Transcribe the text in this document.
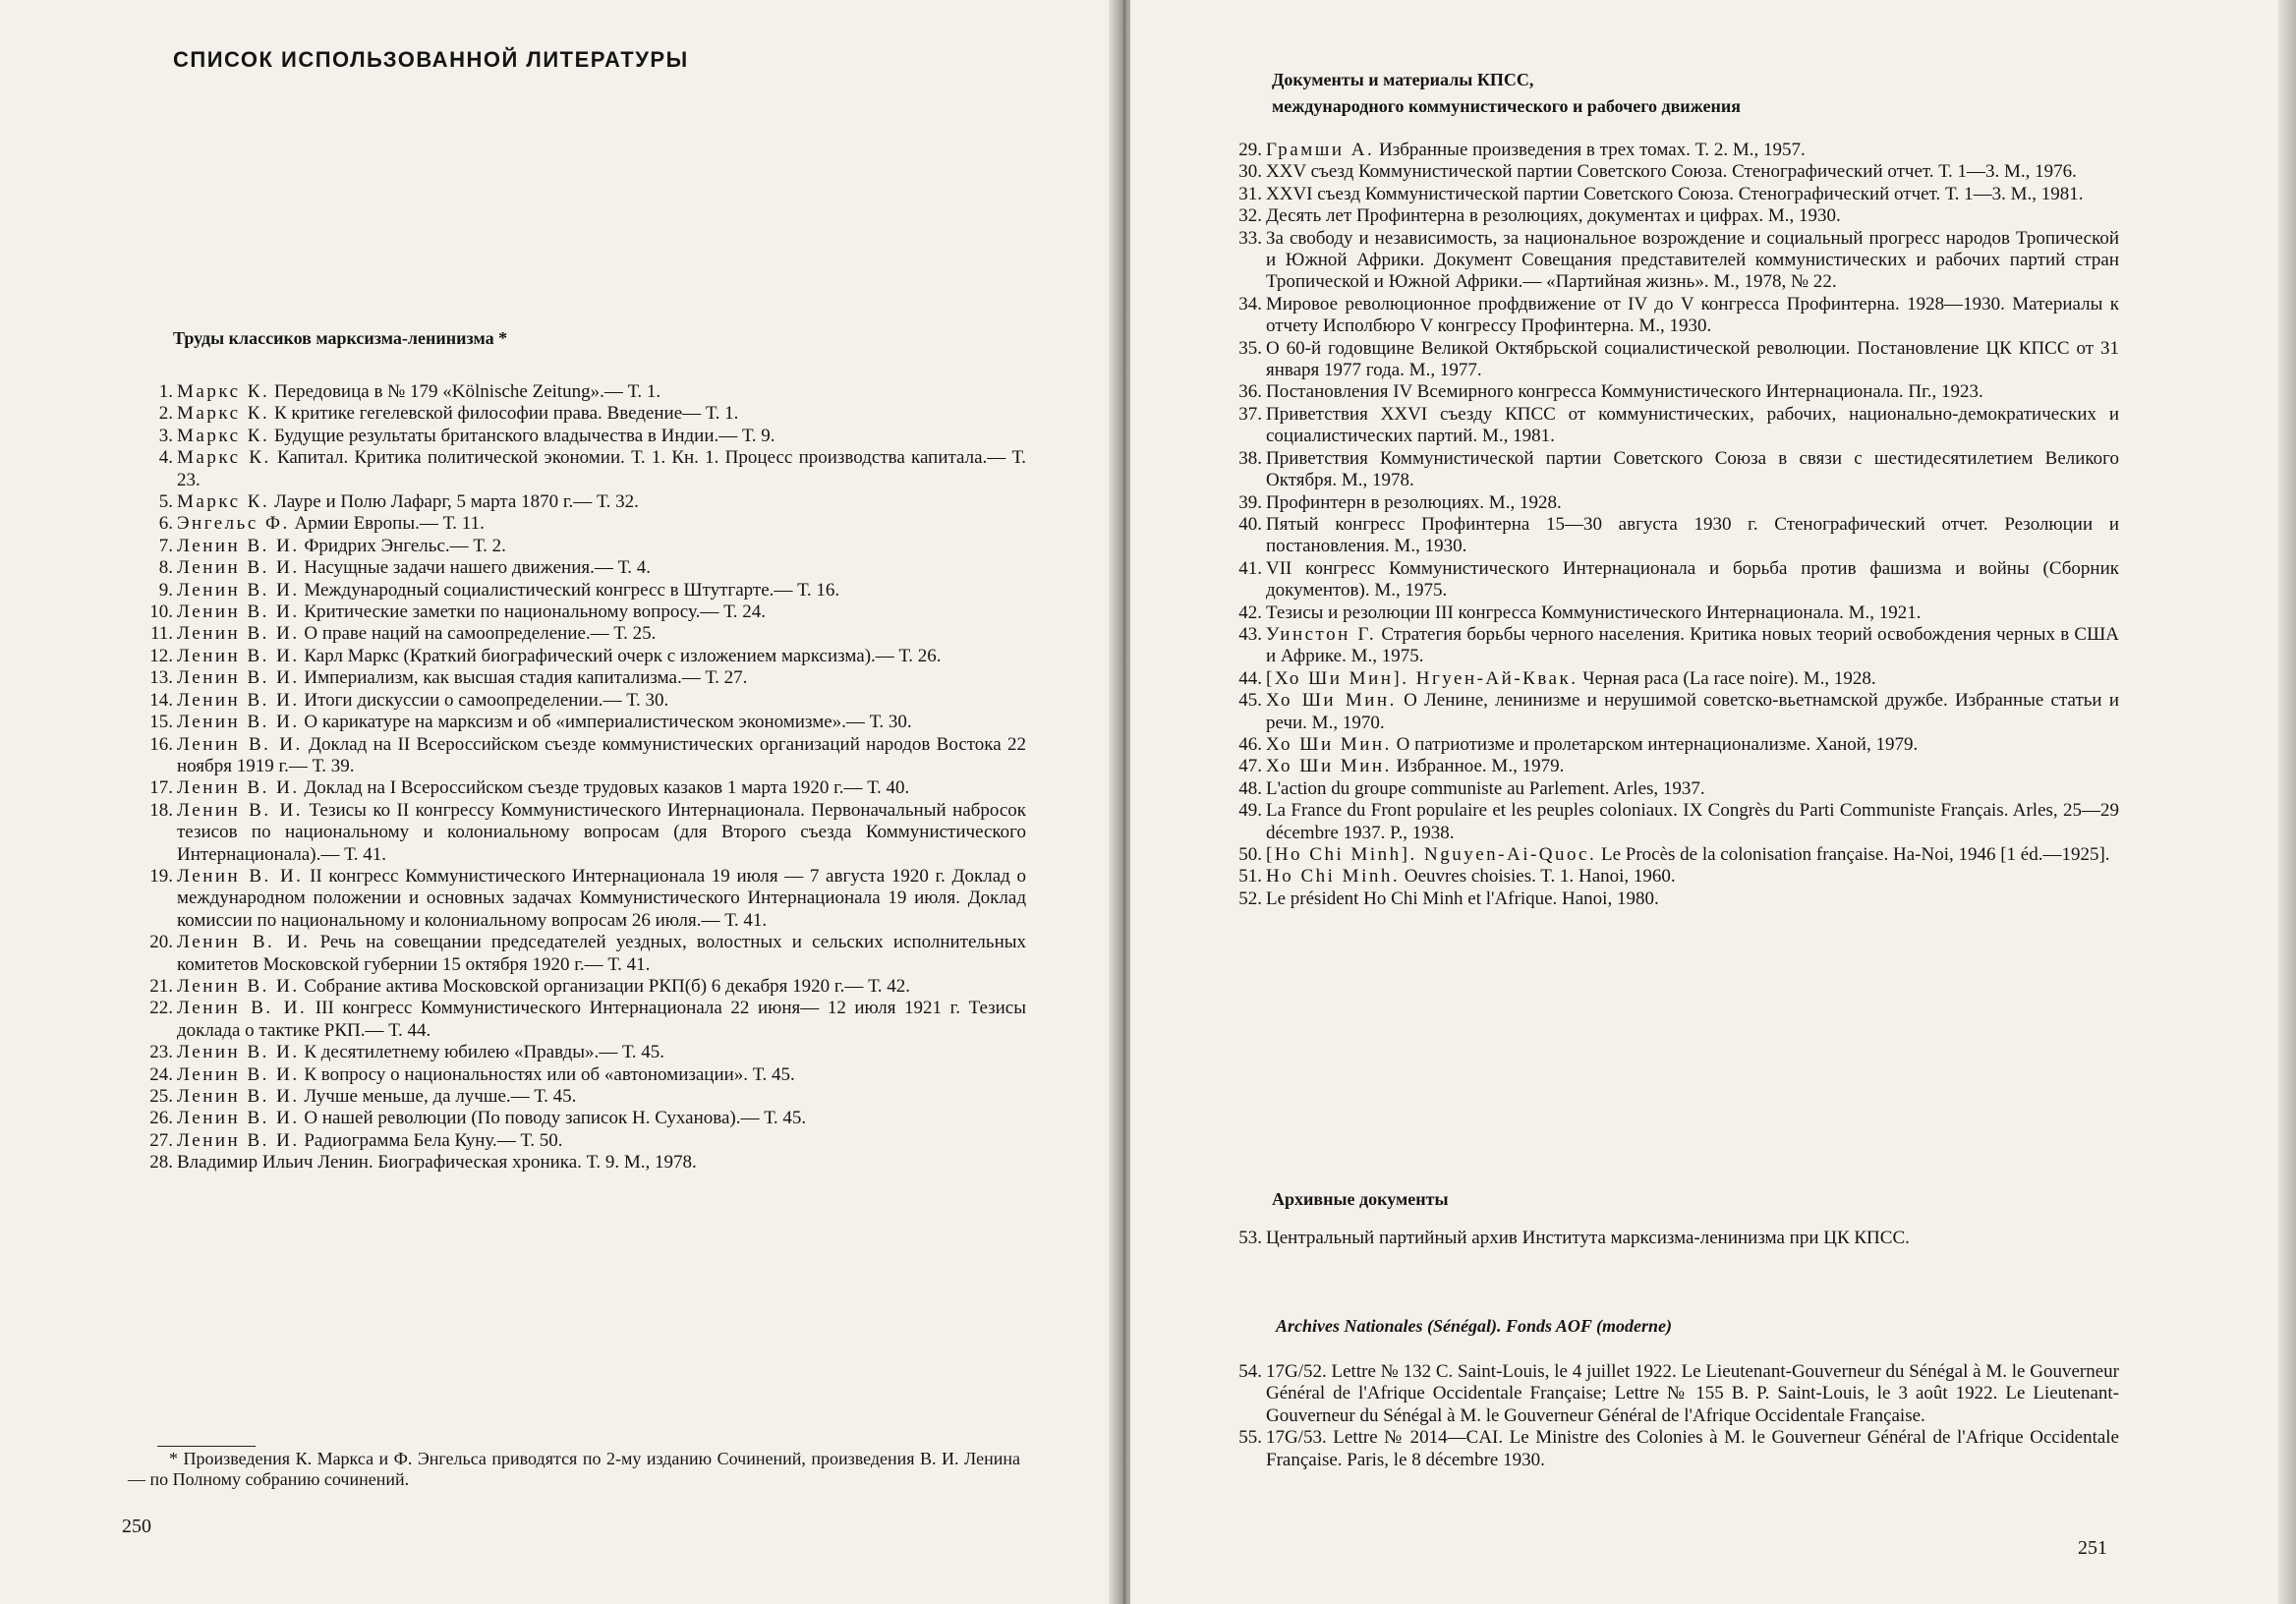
СПИСОК ИСПОЛЬЗОВАННОЙ ЛИТЕРАТУРЫ
Труды классиков марксизма-ленинизма *
1. Маркс К. Передовица в № 179 «Kölnische Zeitung».— Т. 1.
2. Маркс К. К критике гегелевской философии права. Введение— Т. 1.
3. Маркс К. Будущие результаты британского владычества в Индии.— Т. 9.
4. Маркс К. Капитал. Критика политической экономии. Т. 1. Кн. 1. Процесс производства капитала.— Т. 23.
5. Маркс К. Лауре и Полю Лафарг, 5 марта 1870 г.— Т. 32.
6. Энгельс Ф. Армии Европы.— Т. 11.
7. Ленин В. И. Фридрих Энгельс.— Т. 2.
8. Ленин В. И. Насущные задачи нашего движения.— Т. 4.
9. Ленин В. И. Международный социалистический конгресс в Штутгарте.— Т. 16.
10. Ленин В. И. Критические заметки по национальному вопросу.— Т. 24.
11. Ленин В. И. О праве наций на самоопределение.— Т. 25.
12. Ленин В. И. Карл Маркс (Краткий биографический очерк с изложением марксизма).— Т. 26.
13. Ленин В. И. Империализм, как высшая стадия капитализма.— Т. 27.
14. Ленин В. И. Итоги дискуссии о самоопределении.— Т. 30.
15. Ленин В. И. О карикатуре на марксизм и об «империалистическом экономизме».— Т. 30.
16. Ленин В. И. Доклад на II Всероссийском съезде коммунистических организаций народов Востока 22 ноября 1919 г.— Т. 39.
17. Ленин В. И. Доклад на I Всероссийском съезде трудовых казаков 1 марта 1920 г.— Т. 40.
18. Ленин В. И. Тезисы ко II конгрессу Коммунистического Интернационала. Первоначальный набросок тезисов по национальному и колониальному вопросам (для Второго съезда Коммунистического Интернационала).— Т. 41.
19. Ленин В. И. II конгресс Коммунистического Интернационала 19 июля — 7 августа 1920 г. Доклад о международном положении и основных задачах Коммунистического Интернационала 19 июля. Доклад комиссии по национальному и колониальному вопросам 26 июля.— Т. 41.
20. Ленин В. И. Речь на совещании председателей уездных, волостных и сельских исполнительных комитетов Московской губернии 15 октября 1920 г.— Т. 41.
21. Ленин В. И. Собрание актива Московской организации РКП(б) 6 декабря 1920 г.— Т. 42.
22. Ленин В. И. III конгресс Коммунистического Интернационала 22 июня— 12 июля 1921 г. Тезисы доклада о тактике РКП.— Т. 44.
23. Ленин В. И. К десятилетнему юбилею «Правды».— Т. 45.
24. Ленин В. И. К вопросу о национальностях или об «автономизации». Т. 45.
25. Ленин В. И. Лучше меньше, да лучше.— Т. 45.
26. Ленин В. И. О нашей революции (По поводу записок Н. Суханова).— Т. 45.
27. Ленин В. И. Радиограмма Бела Куну.— Т. 50.
28. Владимир Ильич Ленин. Биографическая хроника. Т. 9. М., 1978.
* Произведения К. Маркса и Ф. Энгельса приводятся по 2-му изданию Сочинений, произведения В. И. Ленина — по Полному собранию сочинений.
250
Документы и материалы КПСС,
международного коммунистического и рабочего движения
29. Грамши А. Избранные произведения в трех томах. Т. 2. М., 1957.
30. XXV съезд Коммунистической партии Советского Союза. Стенографический отчет. Т. 1—3. М., 1976.
31. XXVI съезд Коммунистической партии Советского Союза. Стенографический отчет. Т. 1—3. М., 1981.
32. Десять лет Профинтерна в резолюциях, документах и цифрах. М., 1930.
33. За свободу и независимость, за национальное возрождение и социальный прогресс народов Тропической и Южной Африки. Документ Совещания представителей коммунистических и рабочих партий стран Тропической и Южной Африки.— «Партийная жизнь». М., 1978, № 22.
34. Мировое революционное профдвижение от IV до V конгресса Профинтерна. 1928—1930. Материалы к отчету Исполбюро V конгрессу Профинтерна. М., 1930.
35. О 60-й годовщине Великой Октябрьской социалистической революции. Постановление ЦК КПСС от 31 января 1977 года. М., 1977.
36. Постановления IV Всемирного конгресса Коммунистического Интернационала. Пг., 1923.
37. Приветствия XXVI съезду КПСС от коммунистических, рабочих, национально-демократических и социалистических партий. М., 1981.
38. Приветствия Коммунистической партии Советского Союза в связи с шестидесятилетием Великого Октября. М., 1978.
39. Профинтерн в резолюциях. М., 1928.
40. Пятый конгресс Профинтерна 15—30 августа 1930 г. Стенографический отчет. Резолюции и постановления. М., 1930.
41. VII конгресс Коммунистического Интернационала и борьба против фашизма и войны (Сборник документов). М., 1975.
42. Тезисы и резолюции III конгресса Коммунистического Интернационала. М., 1921.
43. Уинстон Г. Стратегия борьбы черного населения. Критика новых теорий освобождения черных в США и Африке. М., 1975.
44. [Хо Ши Мин]. Нгуен-Ай-Квак. Черная раса (La race noire). М., 1928.
45. Хо Ши Мин. О Ленине, ленинизме и нерушимой советско-вьетнамской дружбе. Избранные статьи и речи. М., 1970.
46. Хо Ши Мин. О патриотизме и пролетарском интернационализме. Ханой, 1979.
47. Хо Ши Мин. Избранное. М., 1979.
48. L'action du groupe communiste au Parlement. Arles, 1937.
49. La France du Front populaire et les peuples coloniaux. IX Congrès du Parti Communiste Français. Arles, 25—29 décembre 1937. P., 1938.
50. [Ho Chi Minh]. Nguyen-Ai-Quoc. Le Procès de la colonisation française. Ha-Noi, 1946 [1 éd.—1925].
51. Ho Chi Minh. Oeuvres choisies. T. 1. Hanoi, 1960.
52. Le président Ho Chi Minh et l'Afrique. Hanoi, 1980.
Архивные документы
53. Центральный партийный архив Института марксизма-ленинизма при ЦК КПСС.
Archives Nationales (Sénégal). Fonds AOF (moderne)
54. 17G/52. Lettre № 132 C. Saint-Louis, le 4 juillet 1922. Le Lieutenant-Gouverneur du Sénégal à M. le Gouverneur Général de l'Afrique Occidentale Française; Lettre № 155 B. P. Saint-Louis, le 3 août 1922. Le Lieutenant-Gouverneur du Sénégal à M. le Gouverneur Général de l'Afrique Occidentale Française.
55. 17G/53. Lettre № 2014—CAI. Le Ministre des Colonies à M. le Gouverneur Général de l'Afrique Occidentale Française. Paris, le 8 décembre 1930.
251
